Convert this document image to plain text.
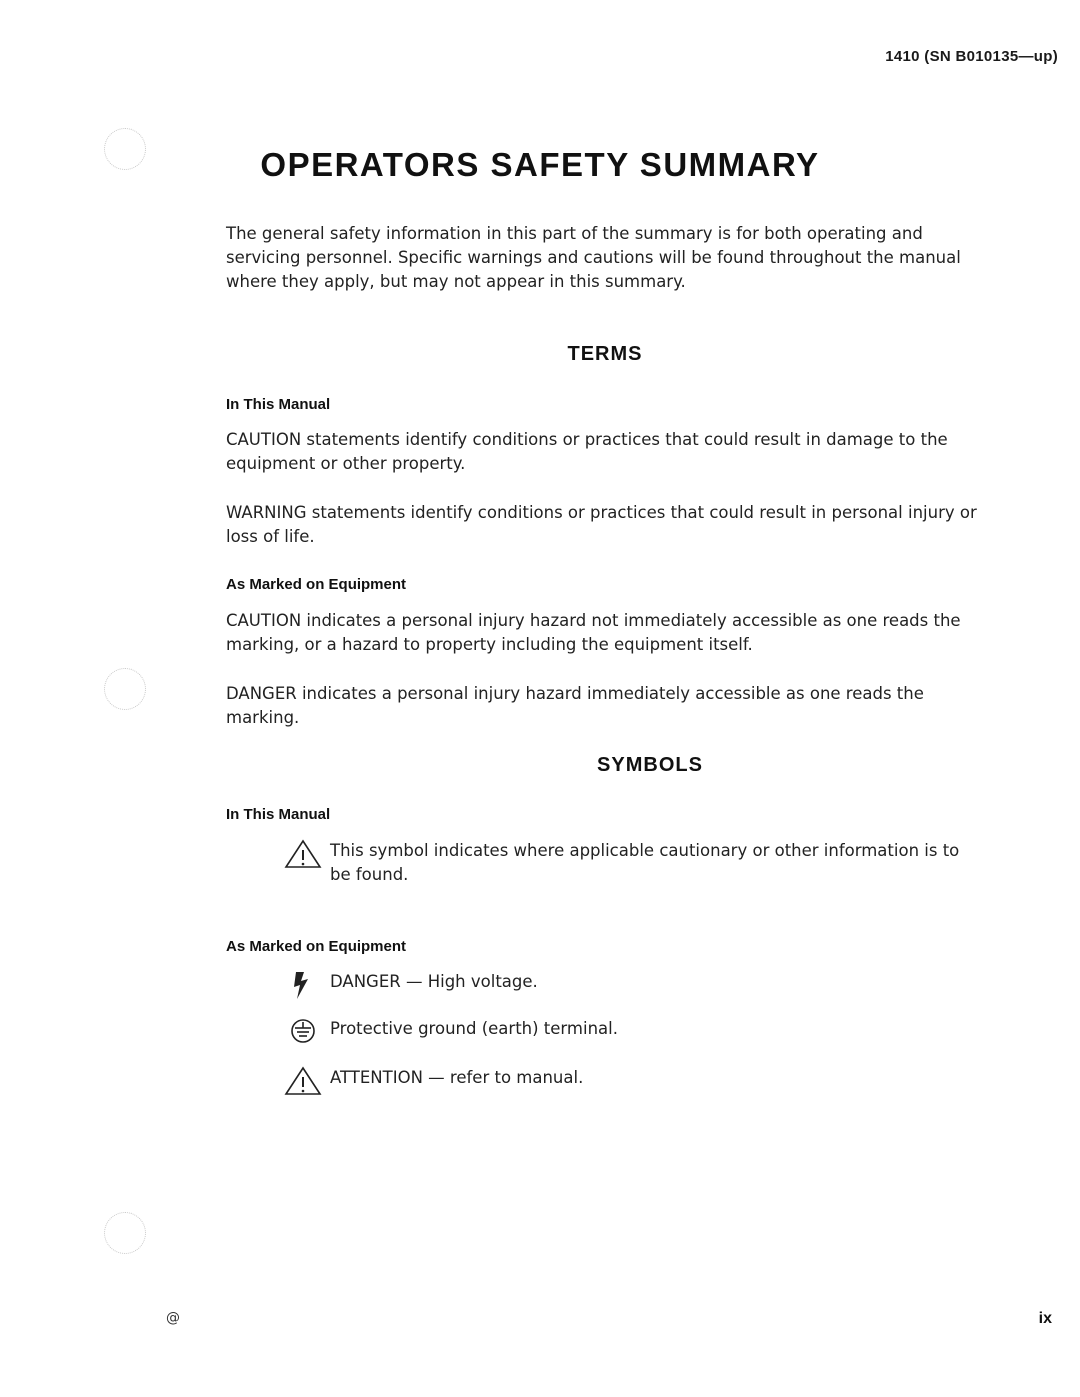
1410 (SN B010135—up)
OPERATORS SAFETY SUMMARY

The general safety information in this part of the summary is for both operating and servicing personnel. Specific warnings and cautions will be found throughout the manual where they apply, but may not appear in this summary.

TERMS
In This Manual

CAUTION statements identify conditions or practices that could result in damage to the equipment or other property.

WARNING statements identify conditions or practices that could result in personal injury or loss of life.

As Marked on Equipment

CAUTION indicates a personal injury hazard not immediately accessible as one reads the marking, or a hazard to property including the equipment itself.

DANGER indicates a personal injury hazard immediately accessible as one reads the marking.

SYMBOLS
In This Manual
This symbol indicates where applicable cautionary or other information is to be found.
As Marked on Equipment
DANGER — High voltage.
Protective ground (earth) terminal.
ATTENTION — refer to manual.
@	ix
